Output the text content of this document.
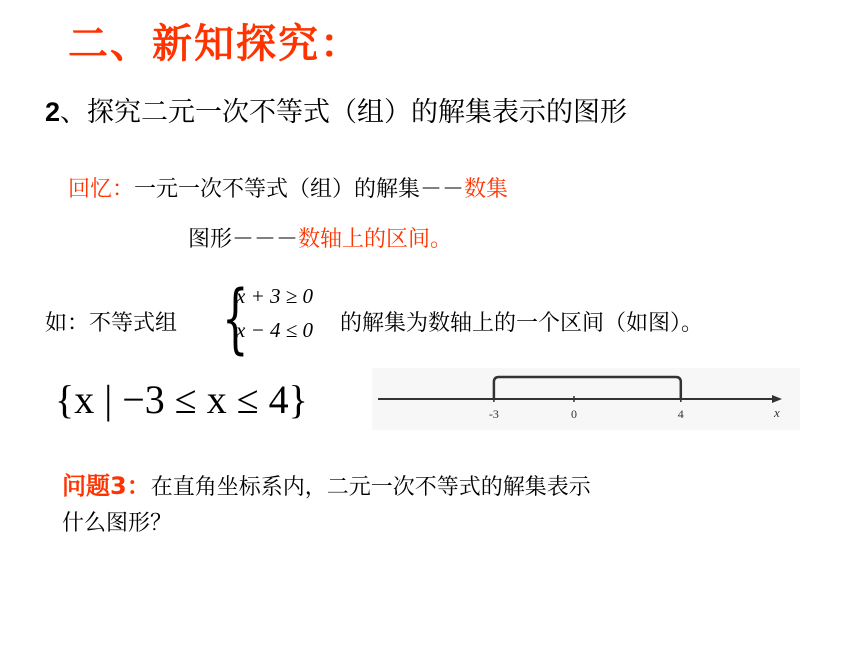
二、新知探究：
2、探究二元一次不等式（组）的解集表示的图形
回忆：一元一次不等式（组）的解集－－数集
图形－－－数轴上的区间。
如：不等式组 {
x + 3 ≥ 0
x − 4 ≤ 0 的解集为数轴上的一个区间（如图）。
{x | −3 ≤ x ≤ 4}	-3	0	4	x
问题3：在直角坐标系内，二元一次不等式的解集表示
什么图形？
